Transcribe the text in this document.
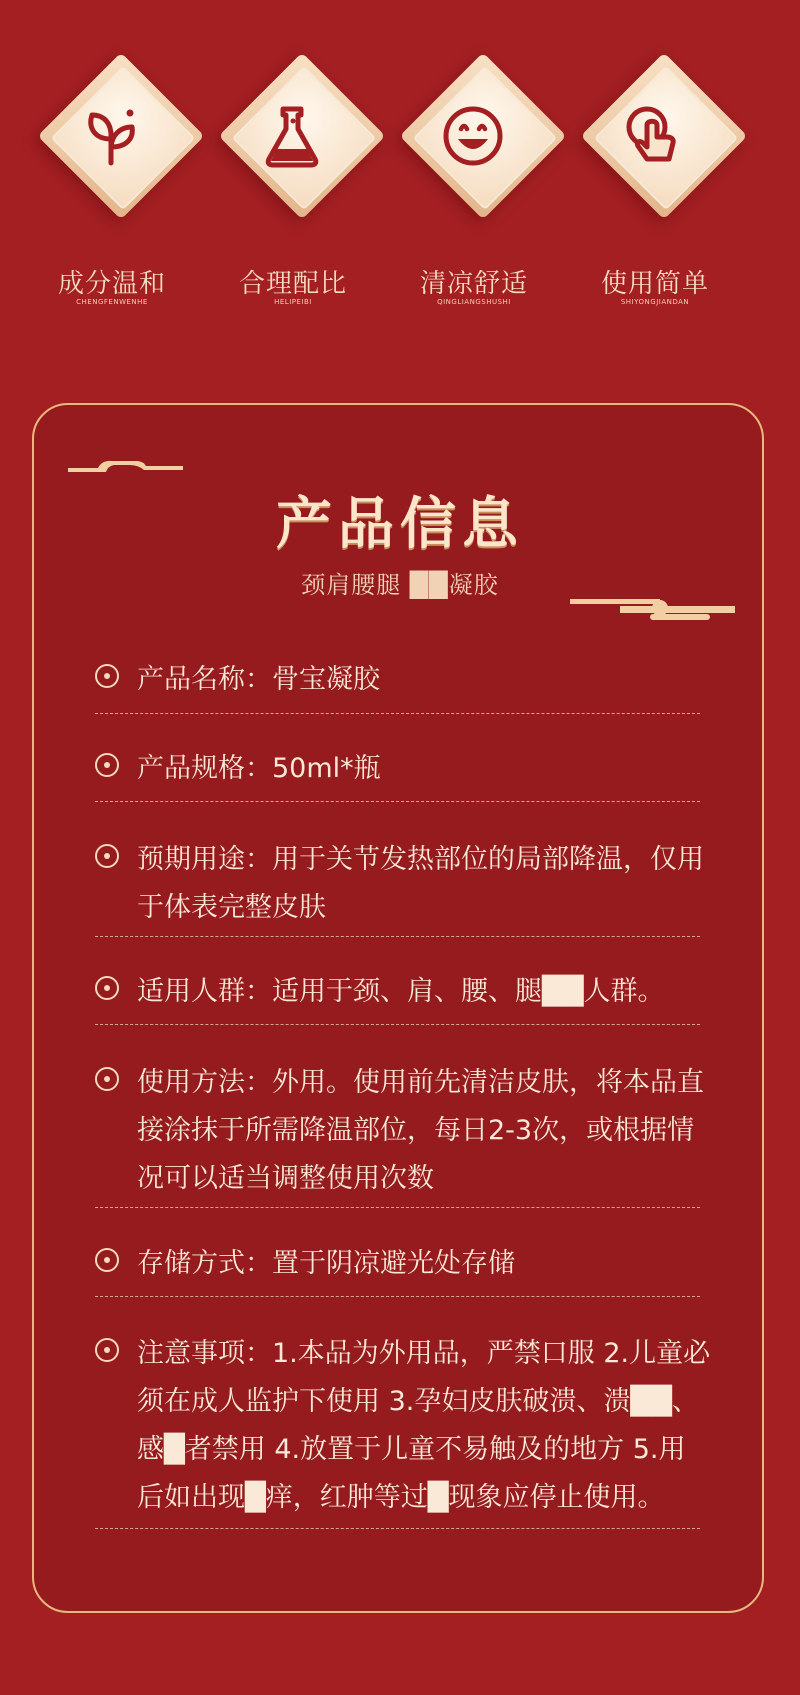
成分温和
CHENGFENWENHE
合理配比
HELIPEIBI
清凉舒适
QINGLIANGSHUSHI
使用简单
SHIYONGJIANDAN
产品信息
颈肩腰腿 ██凝胶
产品名称：骨宝凝胶
产品规格：50ml*瓶
预期用途：用于关节发热部位的局部降温，仅用于体表完整皮肤
适用人群：适用于颈、肩、腰、腿██人群。
使用方法：外用。使用前先清洁皮肤，将本品直接涂抹于所需降温部位，每日2-3次，或根据情况可以适当调整使用次数
存储方式：置于阴凉避光处存储
注意事项：1.本品为外用品，严禁口服 2.儿童必须在成人监护下使用 3.孕妇皮肤破溃、溃██、感█者禁用 4.放置于儿童不易触及的地方 5.用后如出现█痒，红肿等过█现象应停止使用。
